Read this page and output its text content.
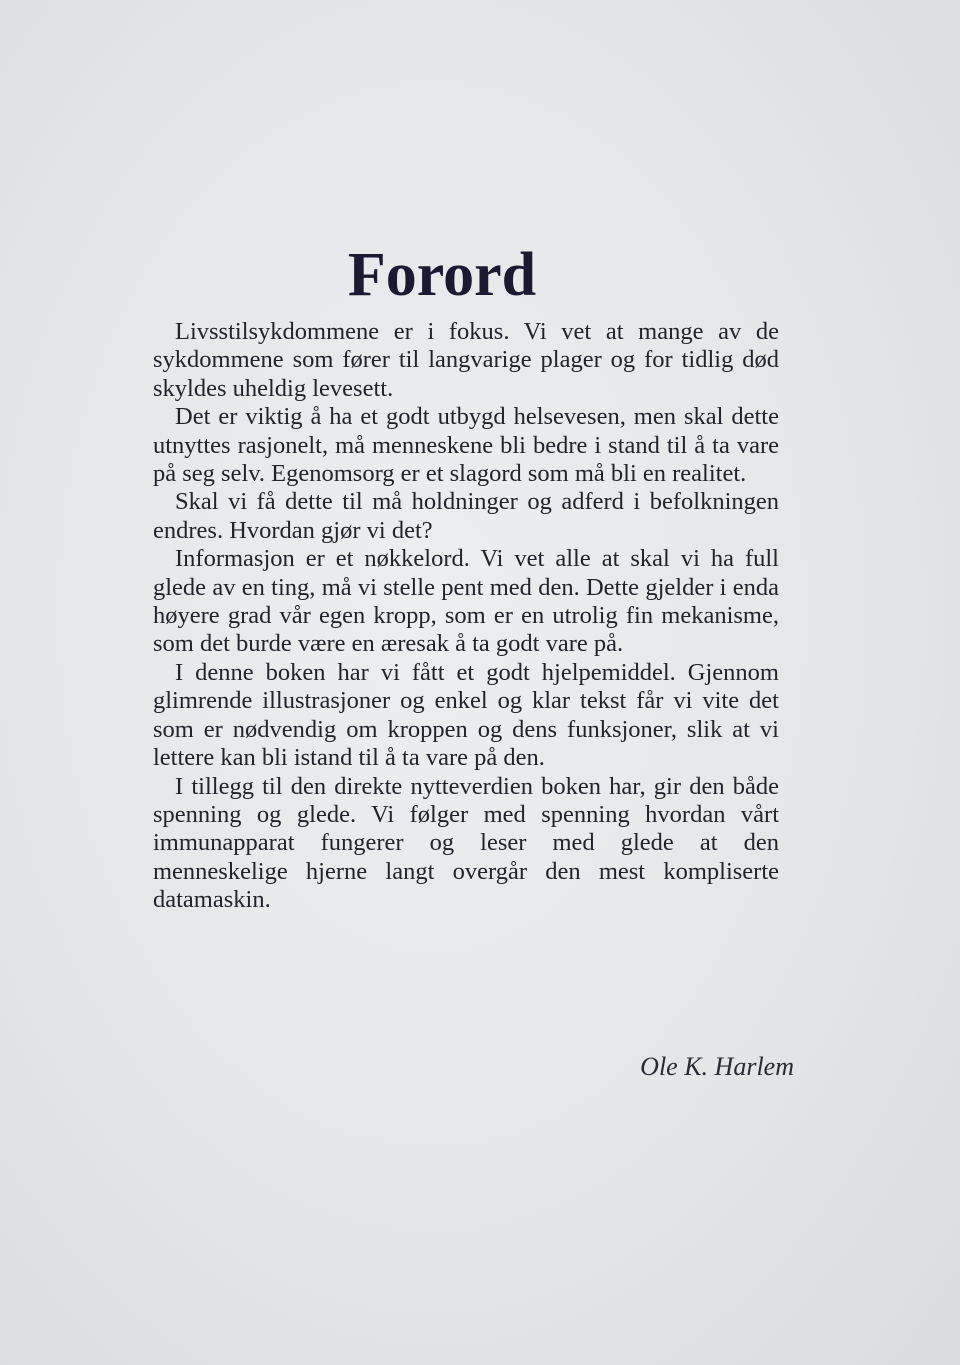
Forord

Livsstilsykdommene er i fokus. Vi vet at mange av de sykdommene som fører til langvarige plager og for tidlig død skyldes uheldig levesett.

Det er viktig å ha et godt utbygd helsevesen, men skal dette utnyttes rasjonelt, må menneskene bli bedre i stand til å ta vare på seg selv. Egenomsorg er et slagord som må bli en realitet.

Skal vi få dette til må holdninger og adferd i befolkningen endres. Hvordan gjør vi det?

Informasjon er et nøkkelord. Vi vet alle at skal vi ha full glede av en ting, må vi stelle pent med den. Dette gjelder i enda høyere grad vår egen kropp, som er en utrolig fin mekanisme, som det burde være en æresak å ta godt vare på.

I denne boken har vi fått et godt hjelpemiddel. Gjennom glimrende illustrasjoner og enkel og klar tekst får vi vite det som er nødvendig om kroppen og dens funksjoner, slik at vi lettere kan bli istand til å ta vare på den.

I tillegg til den direkte nytteverdien boken har, gir den både spenning og glede. Vi følger med spenning hvordan vårt immunapparat fungerer og leser med glede at den menneskelige hjerne langt overgår den mest kompliserte datamaskin.

Ole K. Harlem
